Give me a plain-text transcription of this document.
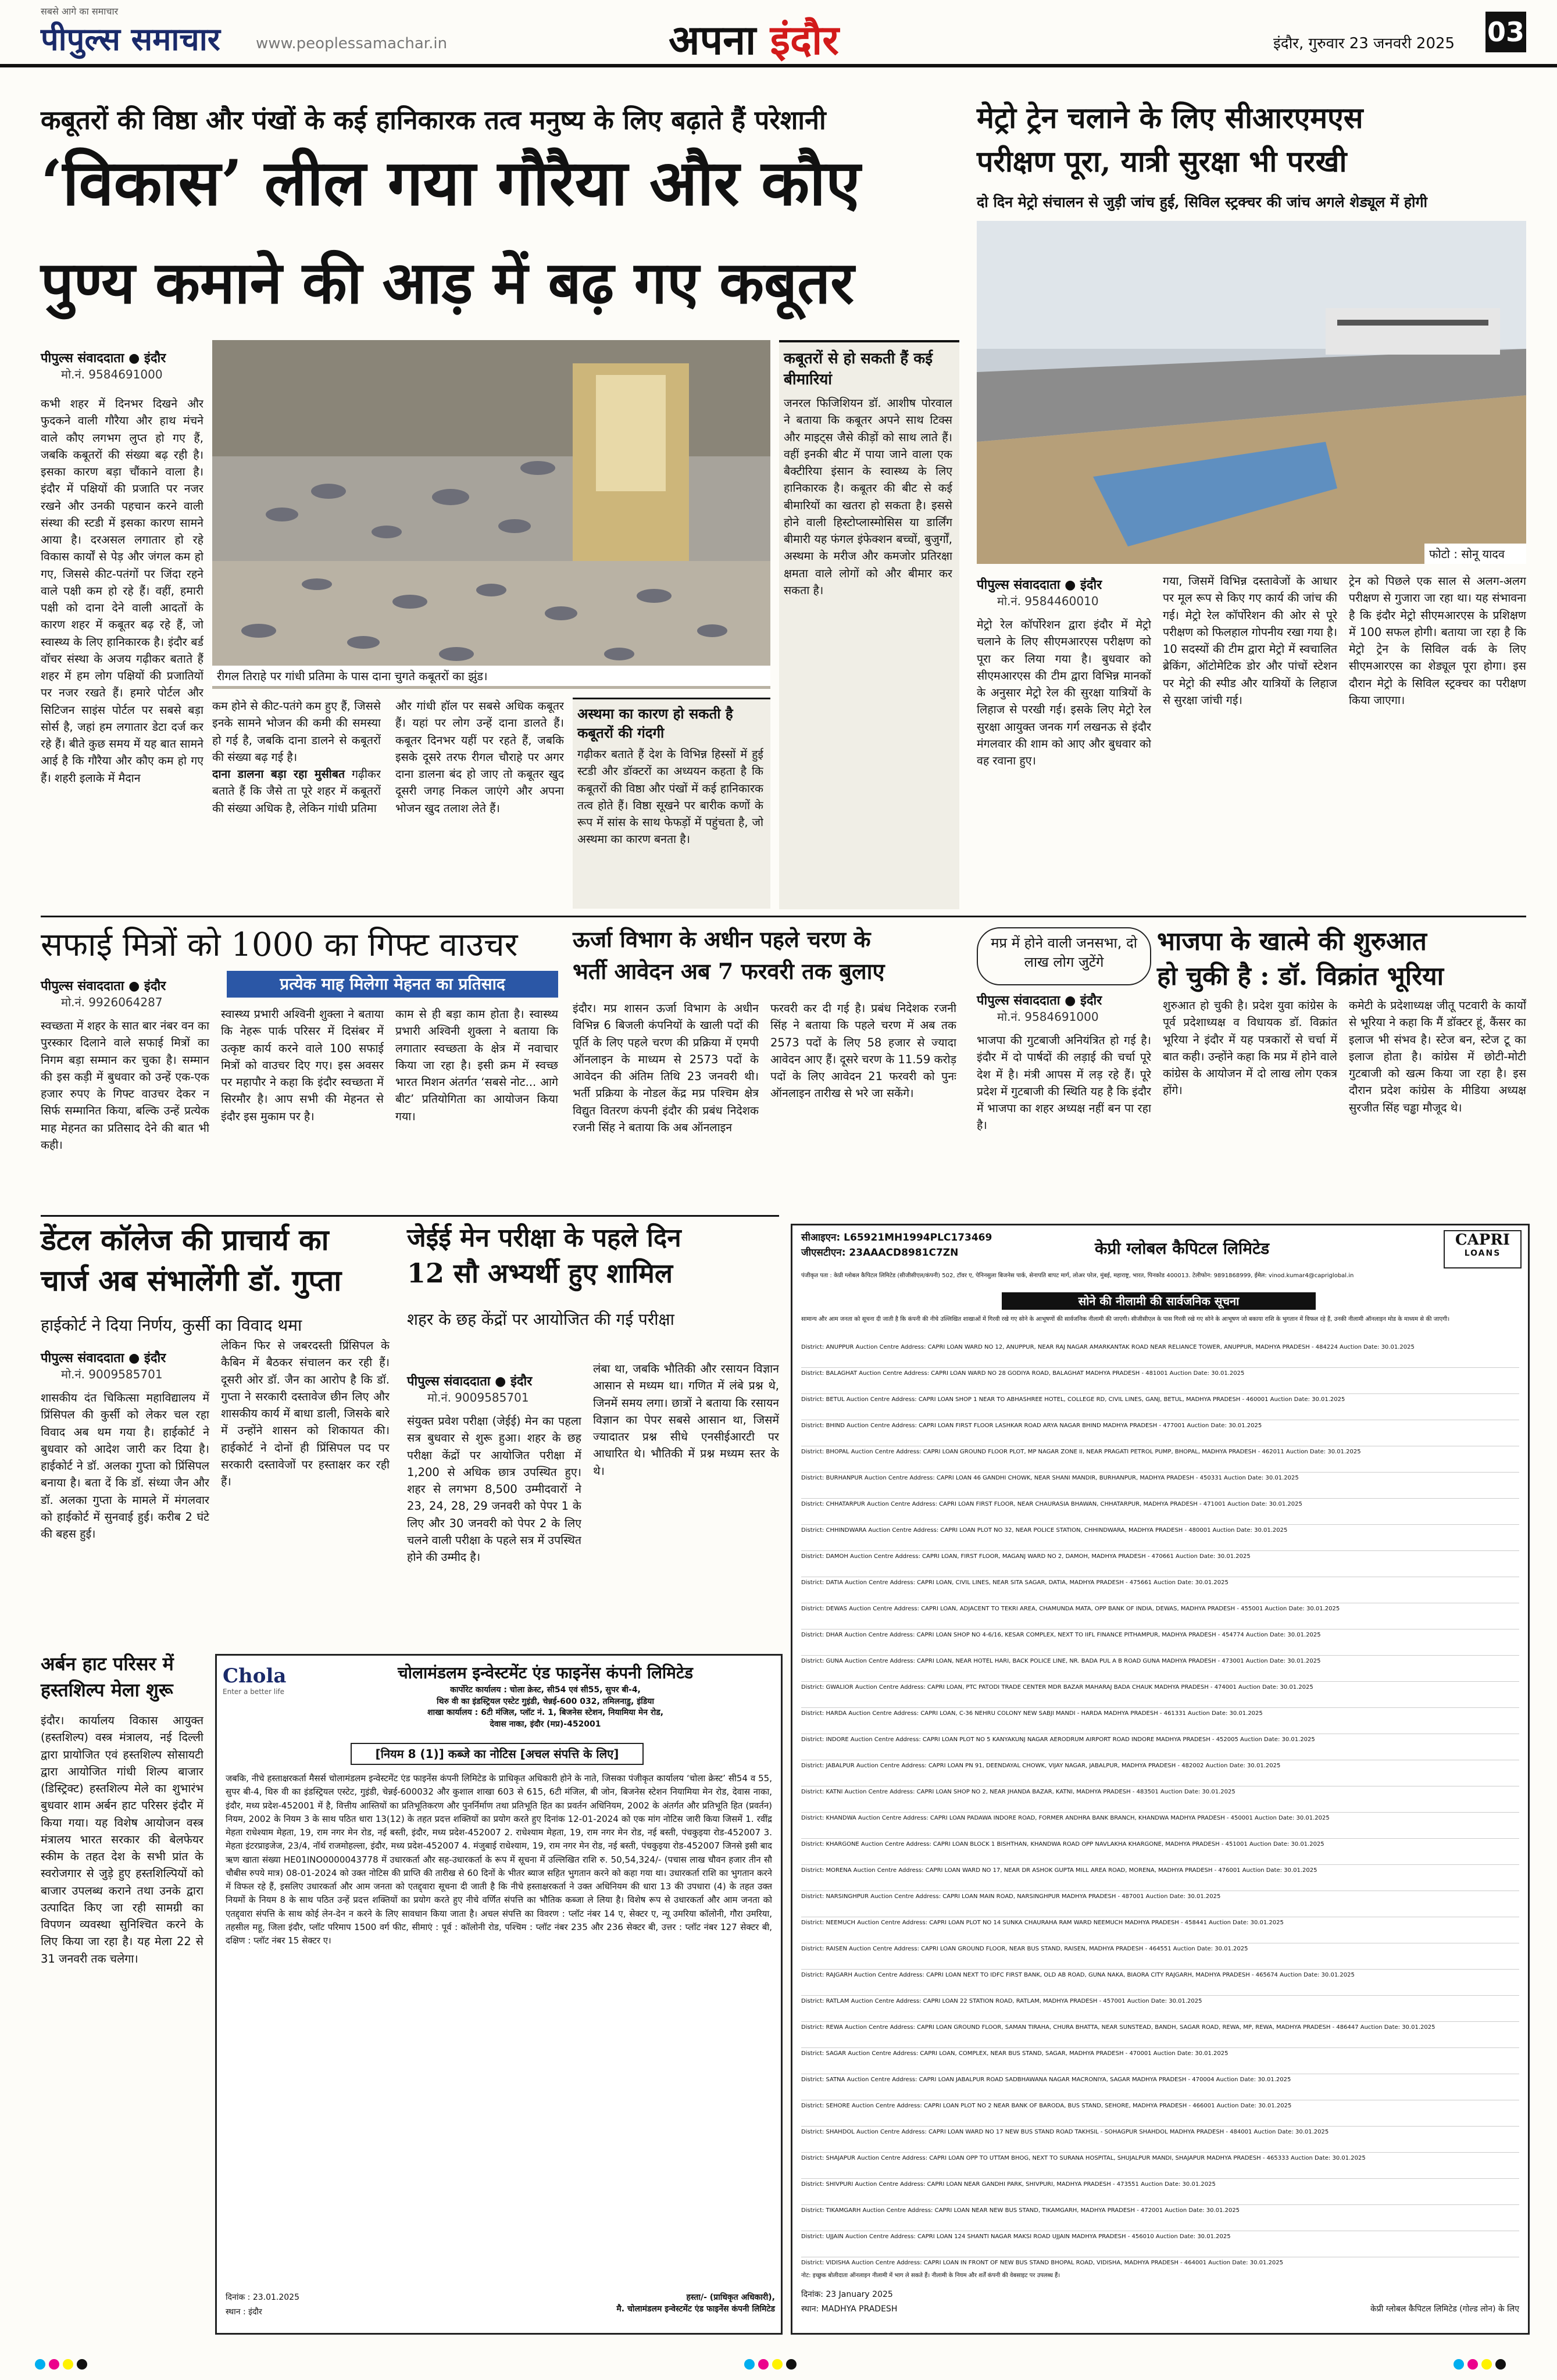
सबसे आगे का समाचार
पीपुल्स समाचार www.peoplessamachar.in	अपना इंदौर	इंदौर, गुरुवार 23 जनवरी 2025 03
कबूतरों की विष्ठा और पंखों के कई हानिकारक तत्व मनुष्य के लिए बढ़ाते हैं परेशानी
‘विकास’ लील गया गौरैया और कौए
पुण्य कमाने की आड़ में बढ़ गए कबूतर
पीपुल्स संवाददाता ● इंदौर
मो.नं. 9584691000
कभी शहर में दिनभर दिखने और फुदकने वाली गौरैया और हाथ मंचने वाले कौए लगभग लुप्त हो गए हैं, जबकि कबूतरों की संख्या बढ़ रही है। इसका कारण बड़ा चौंकाने वाला है। इंदौर में पक्षियों की प्रजाति पर नजर रखने और उनकी पहचान करने वाली संस्था की स्टडी में इसका कारण सामने आया है। दरअसल लगातार हो रहे विकास कार्यों से पेड़ और जंगल कम हो गए, जिससे कीट-पतंगों पर जिंदा रहने वाले पक्षी कम हो रहे हैं। वहीं, हमारी पक्षी को दाना देने वाली आदतों के कारण शहर में कबूतर बढ़ रहे हैं, जो स्वास्थ्य के लिए हानिकारक है। इंदौर बर्ड वॉचर संस्था के अजय गढ़ीकर बताते हैं शहर में हम लोग पक्षियों की प्रजातियों पर नजर रखते हैं। हमारे पोर्टल और सिटिजन साइंस पोर्टल पर सबसे बड़ा सोर्स है, जहां हम लगातार डेटा दर्ज कर रहे हैं। बीते कुछ समय में यह बात सामने आई है कि गौरैया और कौए कम हो गए हैं। शहरी इलाके में मैदान
रीगल तिराहे पर गांधी प्रतिमा के पास दाना चुगते कबूतरों का झुंड।
कम होने से कीट-पतंगे कम हुए हैं, जिससे इनके सामने भोजन की कमी की समस्या हो गई है, जबकि दाना डालने से कबूतरों की संख्या बढ़ गई है।
दाना डालना बड़ा रहा मुसीबत गढ़ीकर बताते हैं कि जैसे ता पूरे शहर में कबूतरों की संख्या अधिक है, लेकिन गांधी प्रतिमा
और गांधी हॉल पर सबसे अधिक कबूतर हैं। यहां पर लोग उन्हें दाना डालते हैं। कबूतर दिनभर यहीं पर रहते हैं, जबकि इसके दूसरे तरफ रीगल चौराहे पर अगर दाना डालना बंद हो जाए तो कबूतर खुद दूसरी जगह निकल जाएंगे और अपना भोजन खुद तलाश लेते हैं।
अस्थमा का कारण हो सकती है कबूतरों की गंदगी
गढ़ीकर बताते हैं देश के विभिन्न हिस्सों में हुई स्टडी और डॉक्टरों का अध्ययन कहता है कि कबूतरों की विष्ठा और पंखों में कई हानिकारक तत्व होते हैं। विष्ठा सूखने पर बारीक कणों के रूप में सांस के साथ फेफड़ों में पहुंचता है, जो अस्थमा का कारण बनता है।
कबूतरों से हो सकती हैं कई बीमारियां
जनरल फिजिशियन डॉ. आशीष पोरवाल ने बताया कि कबूतर अपने साथ टिक्स और माइट्स जैसे कीड़ों को साथ लाते हैं। वहीं इनकी बीट में पाया जाने वाला एक बैक्टीरिया इंसान के स्वास्थ्य के लिए हानिकारक है। कबूतर की बीट से कई बीमारियों का खतरा हो सकता है। इससे होने वाली हिस्टोप्लास्मोसिस या डार्लिंग बीमारी यह फंगल इंफेक्शन बच्चों, बुजुर्गों, अस्थमा के मरीज और कमजोर प्रतिरक्षा क्षमता वाले लोगों को और बीमार कर सकता है।
मेट्रो ट्रेन चलाने के लिए सीआरएमएस
परीक्षण पूरा, यात्री सुरक्षा भी परखी
दो दिन मेट्रो संचालन से जुड़ी जांच हुई, सिविल स्ट्रक्चर की जांच अगले शेड्यूल में होगी
फोटो : सोनू यादव
पीपुल्स संवाददाता ● इंदौर
मो.नं. 9584460010
मेट्रो रेल कॉर्पोरेशन द्वारा इंदौर में मेट्रो चलाने के लिए सीएमआरएस परीक्षण को पूरा कर लिया गया है। बुधवार को सीएमआरएस की टीम द्वारा विभिन्न मानकों के अनुसार मेट्रो रेल की सुरक्षा यात्रियों के लिहाज से परखी गई। इसके लिए मेट्रो रेल सुरक्षा आयुक्त जनक गर्ग लखनऊ से इंदौर मंगलवार की शाम को आए और बुधवार को वह रवाना हुए।
गया, जिसमें विभिन्न दस्तावेजों के आधार पर मूल रूप से किए गए कार्य की जांच की गई। मेट्रो रेल कॉर्पोरेशन की ओर से पूरे परीक्षण को फिलहाल गोपनीय रखा गया है। 10 सदस्यों की टीम द्वारा मेट्रो में स्वचालित ब्रेकिंग, ऑटोमेटिक डोर और पांचों स्टेशन पर मेट्रो की स्पीड और यात्रियों के लिहाज से सुरक्षा जांची गई।
ट्रेन को पिछले एक साल से अलग-अलग परीक्षण से गुजारा जा रहा था। यह संभावना है कि इंदौर मेट्रो सीएमआरएस के प्रशिक्षण में 100 सफल होगी। बताया जा रहा है कि मेट्रो ट्रेन के सिविल वर्क के लिए सीएमआरएस का शेड्यूल पूरा होगा। इस दौरान मेट्रो के सिविल स्ट्रक्चर का परीक्षण किया जाएगा।
सफाई मित्रों को 1000 का गिफ्ट वाउचर
प्रत्येक माह मिलेगा मेहनत का प्रतिसाद
पीपुल्स संवाददाता ● इंदौर
मो.नं. 9926064287
स्वच्छता में शहर के सात बार नंबर वन का पुरस्कार दिलाने वाले सफाई मित्रों का निगम बड़ा सम्मान कर चुका है। सम्मान की इस कड़ी में बुधवार को उन्हें एक-एक हजार रुपए के गिफ्ट वाउचर देकर न सिर्फ सम्मानित किया, बल्कि उन्हें प्रत्येक माह मेहनत का प्रतिसाद देने की बात भी कही।
स्वास्थ्य प्रभारी अश्विनी शुक्ला ने बताया कि नेहरू पार्क परिसर में दिसंबर में उत्कृष्ट कार्य करने वाले 100 सफाई मित्रों को वाउचर दिए गए। इस अवसर पर महापौर ने कहा कि इंदौर स्वच्छता में सिरमौर है। आप सभी की मेहनत से इंदौर इस मुकाम पर है।
काम से ही बड़ा काम होता है। स्वास्थ्य प्रभारी अश्विनी शुक्ला ने बताया कि लगातार स्वच्छता के क्षेत्र में नवाचार किया जा रहा है। इसी क्रम में स्वच्छ भारत मिशन अंतर्गत ‘सबसे नोट... आगे बीट’ प्रतियोगिता का आयोजन किया गया।
ऊर्जा विभाग के अधीन पहले चरण के
भर्ती आवेदन अब 7 फरवरी तक बुलाए
इंदौर। मप्र शासन ऊर्जा विभाग के अधीन विभिन्न 6 बिजली कंपनियों के खाली पदों की पूर्ति के लिए पहले चरण की प्रक्रिया में एमपी ऑनलाइन के माध्यम से 2573 पदों के आवेदन की अंतिम तिथि 23 जनवरी थी। भर्ती प्रक्रिया के नोडल केंद्र मप्र पश्चिम क्षेत्र विद्युत वितरण कंपनी इंदौर की प्रबंध निदेशक रजनी सिंह ने बताया कि अब ऑनलाइन
फरवरी कर दी गई है। प्रबंध निदेशक रजनी सिंह ने बताया कि पहले चरण में अब तक 2573 पदों के लिए 58 हजार से ज्यादा आवेदन आए हैं। दूसरे चरण के 11.59 करोड़ पदों के लिए आवेदन 21 फरवरी को पुनः ऑनलाइन तारीख से भरे जा सकेंगे।
मप्र में होने वाली जनसभा, दो लाख लोग जुटेंगे
भाजपा के खात्मे की शुरुआत
हो चुकी है : डॉ. विक्रांत भूरिया
पीपुल्स संवाददाता ● इंदौर
मो.नं. 9584691000
भाजपा की गुटबाजी अनियंत्रित हो गई है। इंदौर में दो पार्षदों की लड़ाई की चर्चा पूरे देश में है। मंत्री आपस में लड़ रहे हैं। पूरे प्रदेश में गुटबाजी की स्थिति यह है कि इंदौर में भाजपा का शहर अध्यक्ष नहीं बन पा रहा है।
शुरुआत हो चुकी है। प्रदेश युवा कांग्रेस के पूर्व प्रदेशाध्यक्ष व विधायक डॉ. विक्रांत भूरिया ने इंदौर में यह पत्रकारों से चर्चा में बात कही। उन्होंने कहा कि मप्र में होने वाले कांग्रेस के आयोजन में दो लाख लोग एकत्र होंगे।
कमेटी के प्रदेशाध्यक्ष जीतू पटवारी के कार्यों से भूरिया ने कहा कि मैं डॉक्टर हूं, कैंसर का इलाज भी संभव है। स्टेज बन, स्टेज टू का इलाज होता है। कांग्रेस में छोटी-मोटी गुटबाजी को खत्म किया जा रहा है। इस दौरान प्रदेश कांग्रेस के मीडिया अध्यक्ष सुरजीत सिंह चड्ढा मौजूद थे।
डेंटल कॉलेज की प्राचार्य का
चार्ज अब संभालेंगी डॉ. गुप्ता
हाईकोर्ट ने दिया निर्णय, कुर्सी का विवाद थमा
पीपुल्स संवाददाता ● इंदौर
मो.नं. 9009585701
शासकीय दंत चिकित्सा महाविद्यालय में प्रिंसिपल की कुर्सी को लेकर चल रहा विवाद अब थम गया है। हाईकोर्ट ने बुधवार को आदेश जारी कर दिया है। हाईकोर्ट ने डॉ. अलका गुप्ता को प्रिंसिपल बनाया है। बता दें कि डॉ. संध्या जैन और डॉ. अलका गुप्ता के मामले में मंगलवार को हाईकोर्ट में सुनवाई हुई। करीब 2 घंटे की बहस हुई।
लेकिन फिर से जबरदस्ती प्रिंसिपल के कैबिन में बैठकर संचालन कर रही हैं। दूसरी ओर डॉ. जैन का आरोप है कि डॉ. गुप्ता ने सरकारी दस्तावेज छीन लिए और शासकीय कार्य में बाधा डाली, जिसके बारे में उन्होंने शासन को शिकायत की। हाईकोर्ट ने दोनों ही प्रिंसिपल पद पर सरकारी दस्तावेजों पर हस्ताक्षर कर रही हैं।
जेईई मेन परीक्षा के पहले दिन
12 सौ अभ्यर्थी हुए शामिल
शहर के छह केंद्रों पर आयोजित की गई परीक्षा
पीपुल्स संवाददाता ● इंदौर
मो.नं. 9009585701
संयुक्त प्रवेश परीक्षा (जेईई) मेन का पहला सत्र बुधवार से शुरू हुआ। शहर के छह परीक्षा केंद्रों पर आयोजित परीक्षा में 1,200 से अधिक छात्र उपस्थित हुए। शहर से लगभग 8,500 उम्मीदवारों ने 23, 24, 28, 29 जनवरी को पेपर 1 के लिए और 30 जनवरी को पेपर 2 के लिए चलने वाली परीक्षा के पहले सत्र में उपस्थित होने की उम्मीद है।
लंबा था, जबकि भौतिकी और रसायन विज्ञान आसान से मध्यम था। गणित में लंबे प्रश्न थे, जिनमें समय लगा। छात्रों ने बताया कि रसायन विज्ञान का पेपर सबसे आसान था, जिसमें ज्यादातर प्रश्न सीधे एनसीईआरटी पर आधारित थे। भौतिकी में प्रश्न मध्यम स्तर के थे।
अर्बन हाट परिसर में
हस्तशिल्प मेला शुरू
इंदौर। कार्यालय विकास आयुक्त (हस्तशिल्प) वस्त्र मंत्रालय, नई दिल्ली द्वारा प्रायोजित एवं हस्तशिल्प सोसायटी द्वारा आयोजित गांधी शिल्प बाजार (डिस्ट्रिक्ट) हस्तशिल्प मेले का शुभारंभ बुधवार शाम अर्बन हाट परिसर इंदौर में किया गया। यह विशेष आयोजन वस्त्र मंत्रालय भारत सरकार की बेलफेयर स्कीम के तहत देश के सभी प्रांत के स्वरोजगार से जुड़े हुए हस्तशिल्पियों को बाजार उपलब्ध कराने तथा उनके द्वारा उत्पादित किए जा रही सामग्री का विपणन व्यवस्था सुनिश्चित करने के लिए किया जा रहा है। यह मेला 22 से 31 जनवरी तक चलेगा।
Chola
Enter a better life
चोलामंडलम इन्वेस्टमेंट एंड फाइनेंस कंपनी लिमिटेड
कार्पोरेट कार्यालय : चोला क्रेस्ट, सी54 एवं सी55, सुपर बी-4,
थिरु वी का इंडस्ट्रियल एस्टेट गुइंडी, चेन्नई-600 032, तमिलनाडु, इंडिया
शाखा कार्यालय : 6टी मंजिल, प्लॉट नं. 1, बिजनेस स्टेशन, नियामिया मेन रोड,
देवास नाका, इंदौर (मप्र)-452001
[नियम 8 (1)] कब्जे का नोटिस [अचल संपत्ति के लिए]
जबकि, नीचे हस्ताक्षरकर्ता मैसर्स चोलामंडलम इन्वेस्टमेंट एंड फाइनेंस कंपनी लिमिटेड के प्राधिकृत अधिकारी होने के नाते, जिसका पंजीकृत कार्यालय ‘चोला क्रेस्ट’ सी54 व 55, सुपर बी-4, थिरु वी का इंडस्ट्रियल एस्टेट, गुइंडी, चेन्नई-600032 और कुशाल शाखा 603 से 615, 6टी मंजिल, बी जोन, बिजनेस स्टेशन नियामिया मेन रोड, देवास नाका, इंदौर, मध्य प्रदेश-452001 में है, वित्तीय आस्तियों का प्रतिभूतिकरण और पुनर्निर्माण तथा प्रतिभूति हित का प्रवर्तन अधिनियम, 2002 के अंतर्गत और प्रतिभूति हित (प्रवर्तन) नियम, 2002 के नियम 3 के साथ पठित धारा 13(12) के तहत प्रदत्त शक्तियों का प्रयोग करते हुए दिनांक 12-01-2024 को एक मांग नोटिस जारी किया जिसमें 1. रवींद्र मेहता राधेश्याम मेहता, 19, राम नगर मेन रोड, नई बस्ती, इंदौर, मध्य प्रदेश-452007 2. राधेश्याम मेहता, 19, राम नगर मेन रोड, नई बस्ती, पंचकुइया रोड-452007 3. मेहता इंटरप्राइजेज, 23/4, नॉर्थ राजमोहल्ला, इंदौर, मध्य प्रदेश-452007 4. मंजुबाई राधेश्याम, 19, राम नगर मेन रोड, नई बस्ती, पंचकुइया रोड-452007 जिनसे इसी बाद ऋण खाता संख्या HE01INO0000043778 में उधारकर्ता और सह-उधारकर्ता के रूप में सूचना में उल्लिखित राशि रु. 50,54,324/- (पचास लाख चौवन हजार तीन सौ चौबीस रुपये मात्र) 08-01-2024 को उक्त नोटिस की प्राप्ति की तारीख से 60 दिनों के भीतर ब्याज सहित भुगतान करने को कहा गया था। उधारकर्ता राशि का भुगतान करने में विफल रहे हैं, इसलिए उधारकर्ता और आम जनता को एतद्द्वारा सूचना दी जाती है कि नीचे हस्ताक्षरकर्ता ने उक्त अधिनियम की धारा 13 की उपधारा (4) के तहत उक्त नियमों के नियम 8 के साथ पठित उन्हें प्रदत्त शक्तियों का प्रयोग करते हुए नीचे वर्णित संपत्ति का भौतिक कब्जा ले लिया है। विशेष रूप से उधारकर्ता और आम जनता को एतद्द्वारा संपत्ति के साथ कोई लेन-देन न करने के लिए सावधान किया जाता है। अचल संपत्ति का विवरण : प्लॉट नंबर 14 ए, सेक्टर ए, न्यू उमरिया कॉलोनी, गौरा उमरिया, तहसील महू, जिला इंदौर, प्लॉट परिमाप 1500 वर्ग फीट, सीमाएं : पूर्व : कॉलोनी रोड, पश्चिम : प्लॉट नंबर 235 और 236 सेक्टर बी, उत्तर : प्लॉट नंबर 127 सेक्टर बी, दक्षिण : प्लॉट नंबर 15 सेक्टर ए।
दिनांक : 23.01.2025
स्थान : इंदौर
हस्ता/- (प्राधिकृत अधिकारी),
मै. चोलामंडलम इन्वेस्टमेंट एंड फाइनेंस कंपनी लिमिटेड
सीआइएन: L65921MH1994PLC173469
जीएसटीएन: 23AAACD8981C7ZN	केप्री ग्लोबल कैपिटल लिमिटेड	CAPRI
LOANS
पंजीकृत पता : केप्री ग्लोबल कैपिटल लिमिटेड (सीजीसीएल/कंपनी) 502, टॉवर ए, पेनिनसुला बिजनेस पार्क, सेनापति बापट मार्ग, लोअर परेल, मुंबई, महाराष्ट्र, भारत, पिनकोड 400013. टेलीफोन: 9891868999, ईमेल: vinod.kumar4@capriglobal.in
सोने की नीलामी की सार्वजनिक सूचना
सामान्य और आम जनता को सूचना दी जाती है कि कंपनी की नीचे उल्लिखित शाखाओं में गिरवी रखे गए सोने के आभूषणों की सार्वजनिक नीलामी की जाएगी। सीजीसीएल के पास गिरवी रखे गए सोने के आभूषण जो बकाया राशि के भुगतान में विफल रहे हैं, उनकी नीलामी ऑनलाइन मोड के माध्यम से की जाएगी।
District: ANUPPUR Auction Centre Address: CAPRI LOAN WARD NO 12, ANUPPUR, NEAR RAJ NAGAR AMARKANTAK ROAD NEAR RELIANCE TOWER, ANUPPUR, MADHYA PRADESH - 484224 Auction Date: 30.01.2025
District: BALAGHAT Auction Centre Address: CAPRI LOAN WARD NO 28 GODIYA ROAD, BALAGHAT MADHYA PRADESH - 481001 Auction Date: 30.01.2025
District: BETUL Auction Centre Address: CAPRI LOAN SHOP 1 NEAR TO ABHASHREE HOTEL, COLLEGE RD, CIVIL LINES, GANJ, BETUL, MADHYA PRADESH - 460001 Auction Date: 30.01.2025
District: BHIND Auction Centre Address: CAPRI LOAN FIRST FLOOR LASHKAR ROAD ARYA NAGAR BHIND MADHYA PRADESH - 477001 Auction Date: 30.01.2025
District: BHOPAL Auction Centre Address: CAPRI LOAN GROUND FLOOR PLOT, MP NAGAR ZONE II, NEAR PRAGATI PETROL PUMP, BHOPAL, MADHYA PRADESH - 462011 Auction Date: 30.01.2025
District: BURHANPUR Auction Centre Address: CAPRI LOAN 46 GANDHI CHOWK, NEAR SHANI MANDIR, BURHANPUR, MADHYA PRADESH - 450331 Auction Date: 30.01.2025
District: CHHATARPUR Auction Centre Address: CAPRI LOAN FIRST FLOOR, NEAR CHAURASIA BHAWAN, CHHATARPUR, MADHYA PRADESH - 471001 Auction Date: 30.01.2025
District: CHHINDWARA Auction Centre Address: CAPRI LOAN PLOT NO 32, NEAR POLICE STATION, CHHINDWARA, MADHYA PRADESH - 480001 Auction Date: 30.01.2025
District: DAMOH Auction Centre Address: CAPRI LOAN, FIRST FLOOR, MAGANJ WARD NO 2, DAMOH, MADHYA PRADESH - 470661 Auction Date: 30.01.2025
District: DATIA Auction Centre Address: CAPRI LOAN, CIVIL LINES, NEAR SITA SAGAR, DATIA, MADHYA PRADESH - 475661 Auction Date: 30.01.2025
District: DEWAS Auction Centre Address: CAPRI LOAN, ADJACENT TO TEKRI AREA, CHAMUNDA MATA, OPP BANK OF INDIA, DEWAS, MADHYA PRADESH - 455001 Auction Date: 30.01.2025
District: DHAR Auction Centre Address: CAPRI LOAN SHOP NO 4-6/16, KESAR COMPLEX, NEXT TO IIFL FINANCE PITHAMPUR, MADHYA PRADESH - 454774 Auction Date: 30.01.2025
District: GUNA Auction Centre Address: CAPRI LOAN, NEAR HOTEL HARI, BACK POLICE LINE, NR. BADA PUL A B ROAD GUNA MADHYA PRADESH - 473001 Auction Date: 30.01.2025
District: GWALIOR Auction Centre Address: CAPRI LOAN, PTC PATODI TRADE CENTER MDR BAZAR MAHARAJ BADA CHAUK MADHYA PRADESH - 474001 Auction Date: 30.01.2025
District: HARDA Auction Centre Address: CAPRI LOAN, C-36 NEHRU COLONY NEW SABJI MANDI - HARDA MADHYA PRADESH - 461331 Auction Date: 30.01.2025
District: INDORE Auction Centre Address: CAPRI LOAN PLOT NO 5 KANYAKUNJ NAGAR AERODRUM AIRPORT ROAD INDORE MADHYA PRADESH - 452005 Auction Date: 30.01.2025
District: JABALPUR Auction Centre Address: CAPRI LOAN PN 91, DEENDAYAL CHOWK, VIJAY NAGAR, JABALPUR, MADHYA PRADESH - 482002 Auction Date: 30.01.2025
District: KATNI Auction Centre Address: CAPRI LOAN SHOP NO 2, NEAR JHANDA BAZAR, KATNI, MADHYA PRADESH - 483501 Auction Date: 30.01.2025
District: KHANDWA Auction Centre Address: CAPRI LOAN PADAWA INDORE ROAD, FORMER ANDHRA BANK BRANCH, KHANDWA MADHYA PRADESH - 450001 Auction Date: 30.01.2025
District: KHARGONE Auction Centre Address: CAPRI LOAN BLOCK 1 BISHTHAN, KHANDWA ROAD OPP NAVLAKHA KHARGONE, MADHYA PRADESH - 451001 Auction Date: 30.01.2025
District: MORENA Auction Centre Address: CAPRI LOAN WARD NO 17, NEAR DR ASHOK GUPTA MILL AREA ROAD, MORENA, MADHYA PRADESH - 476001 Auction Date: 30.01.2025
District: NARSINGHPUR Auction Centre Address: CAPRI LOAN MAIN ROAD, NARSINGHPUR MADHYA PRADESH - 487001 Auction Date: 30.01.2025
District: NEEMUCH Auction Centre Address: CAPRI LOAN PLOT NO 14 SUNKA CHAURAHA RAM WARD NEEMUCH MADHYA PRADESH - 458441 Auction Date: 30.01.2025
District: RAISEN Auction Centre Address: CAPRI LOAN GROUND FLOOR, NEAR BUS STAND, RAISEN, MADHYA PRADESH - 464551 Auction Date: 30.01.2025
District: RAJGARH Auction Centre Address: CAPRI LOAN NEXT TO IDFC FIRST BANK, OLD AB ROAD, GUNA NAKA, BIAORA CITY RAJGARH, MADHYA PRADESH - 465674 Auction Date: 30.01.2025
District: RATLAM Auction Centre Address: CAPRI LOAN 22 STATION ROAD, RATLAM, MADHYA PRADESH - 457001 Auction Date: 30.01.2025
District: REWA Auction Centre Address: CAPRI LOAN GROUND FLOOR, SAMAN TIRAHA, CHURA BHATTA, NEAR SUNSTEAD, BANDH, SAGAR ROAD, REWA, MP, REWA, MADHYA PRADESH - 486447 Auction Date: 30.01.2025
District: SAGAR Auction Centre Address: CAPRI LOAN, COMPLEX, NEAR BUS STAND, SAGAR, MADHYA PRADESH - 470001 Auction Date: 30.01.2025
District: SATNA Auction Centre Address: CAPRI LOAN JABALPUR ROAD SADBHAWANA NAGAR MACRONIYA, SAGAR MADHYA PRADESH - 470004 Auction Date: 30.01.2025
District: SEHORE Auction Centre Address: CAPRI LOAN PLOT NO 2 NEAR BANK OF BARODA, BUS STAND, SEHORE, MADHYA PRADESH - 466001 Auction Date: 30.01.2025
District: SHAHDOL Auction Centre Address: CAPRI LOAN WARD NO 17 NEW BUS STAND ROAD TAKHSIL - SOHAGPUR SHAHDOL MADHYA PRADESH - 484001 Auction Date: 30.01.2025
District: SHAJAPUR Auction Centre Address: CAPRI LOAN OPP TO UTTAM BHOG, NEXT TO SURANA HOSPITAL, SHUJALPUR MANDI, SHAJAPUR MADHYA PRADESH - 465333 Auction Date: 30.01.2025
District: SHIVPURI Auction Centre Address: CAPRI LOAN NEAR GANDHI PARK, SHIVPURI, MADHYA PRADESH - 473551 Auction Date: 30.01.2025
District: TIKAMGARH Auction Centre Address: CAPRI LOAN NEAR NEW BUS STAND, TIKAMGARH, MADHYA PRADESH - 472001 Auction Date: 30.01.2025
District: UJJAIN Auction Centre Address: CAPRI LOAN 124 SHANTI NAGAR MAKSI ROAD UJJAIN MADHYA PRADESH - 456010 Auction Date: 30.01.2025
District: VIDISHA Auction Centre Address: CAPRI LOAN IN FRONT OF NEW BUS STAND BHOPAL ROAD, VIDISHA, MADHYA PRADESH - 464001 Auction Date: 30.01.2025
नोट: इच्छुक बोलीदाता ऑनलाइन नीलामी में भाग ले सकते हैं। नीलामी के नियम और शर्तें कंपनी की वेबसाइट पर उपलब्ध हैं।
दिनांक: 23 January 2025
स्थान: MADHYA PRADESH	केप्री ग्लोबल कैपिटल लिमिटेड (गोल्ड लोन) के लिए
